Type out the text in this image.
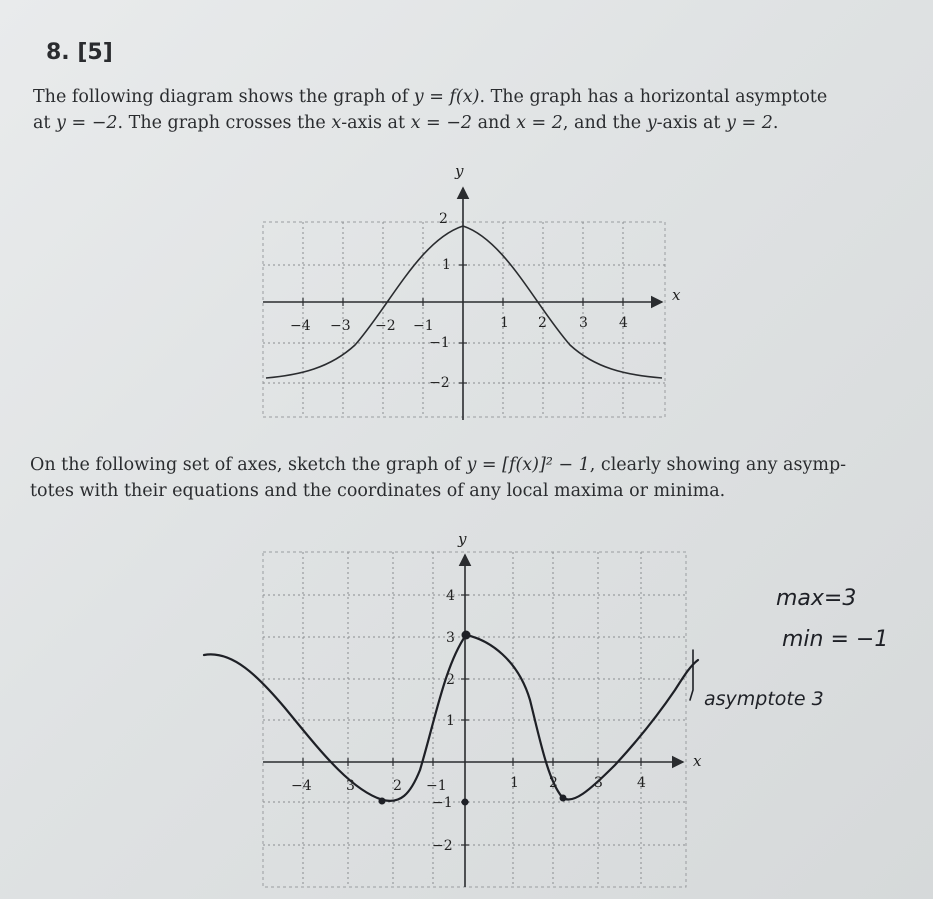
8. [5]
The following diagram shows the graph of y = f(x). The graph has a horizontal asymptote
at y = −2. The graph crosses the x-axis at x = −2 and x = 2, and the y-axis at y = 2.
On the following set of axes, sketch the graph of y = [f(x)]² − 1, clearly showing any asymp-
totes with their equations and the coordinates of any local maxima or minima.
y
x
−4 −3 −2 −1	1 2 3 4
2
1
−1
−2
y
x
−4 3	2 −1	1 2	3 4
4
3
2
1
−1
−2
max=3
min = −1
asymptote 3
